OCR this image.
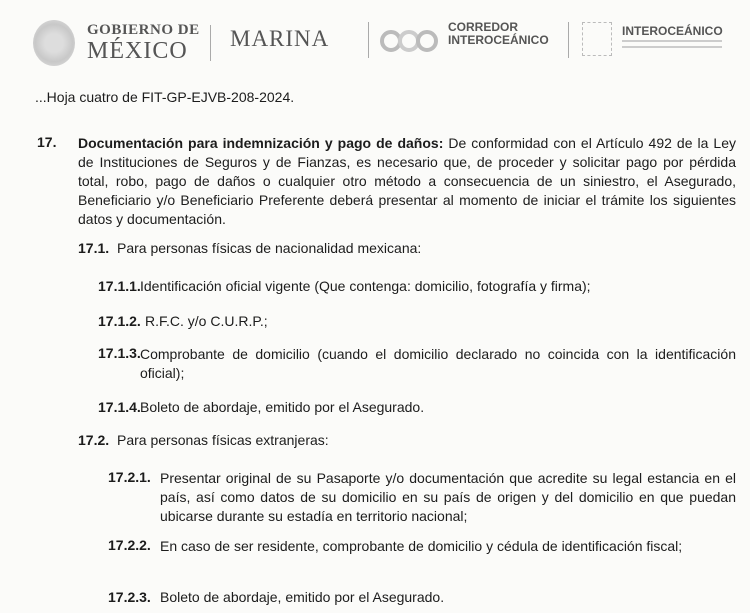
GOBIERNO DE
MÉXICO MARINA	CORREDOR
INTEROCEÁNICO
INTEROCEÁNICO
...Hoja cuatro de FIT-GP-EJVB-208-2024.
17. Documentación para indemnización y pago de daños: De conformidad con el Artículo 492 de la Ley de Instituciones de Seguros y de Fianzas, es necesario que, de proceder y solicitar pago por pérdida total, robo, pago de daños o cualquier otro método a consecuencia de un siniestro, el Asegurado, Beneficiario y/o Beneficiario Preferente deberá presentar al momento de iniciar el trámite los siguientes datos y documentación.
17.1. Para personas físicas de nacionalidad mexicana:
17.1.1. Identificación oficial vigente (Que contenga: domicilio, fotografía y firma);
17.1.2. R.F.C. y/o C.U.R.P.;
17.1.3. Comprobante de domicilio (cuando el domicilio declarado no coincida con la identificación oficial);
17.1.4. Boleto de abordaje, emitido por el Asegurado.
17.2. Para personas físicas extranjeras:
17.2.1. Presentar original de su Pasaporte y/o documentación que acredite su legal estancia en el país, así como datos de su domicilio en su país de origen y del domicilio en que puedan ubicarse durante su estadía en territorio nacional;
17.2.2. En caso de ser residente, comprobante de domicilio y cédula de identificación fiscal;
17.2.3. Boleto de abordaje, emitido por el Asegurado.
